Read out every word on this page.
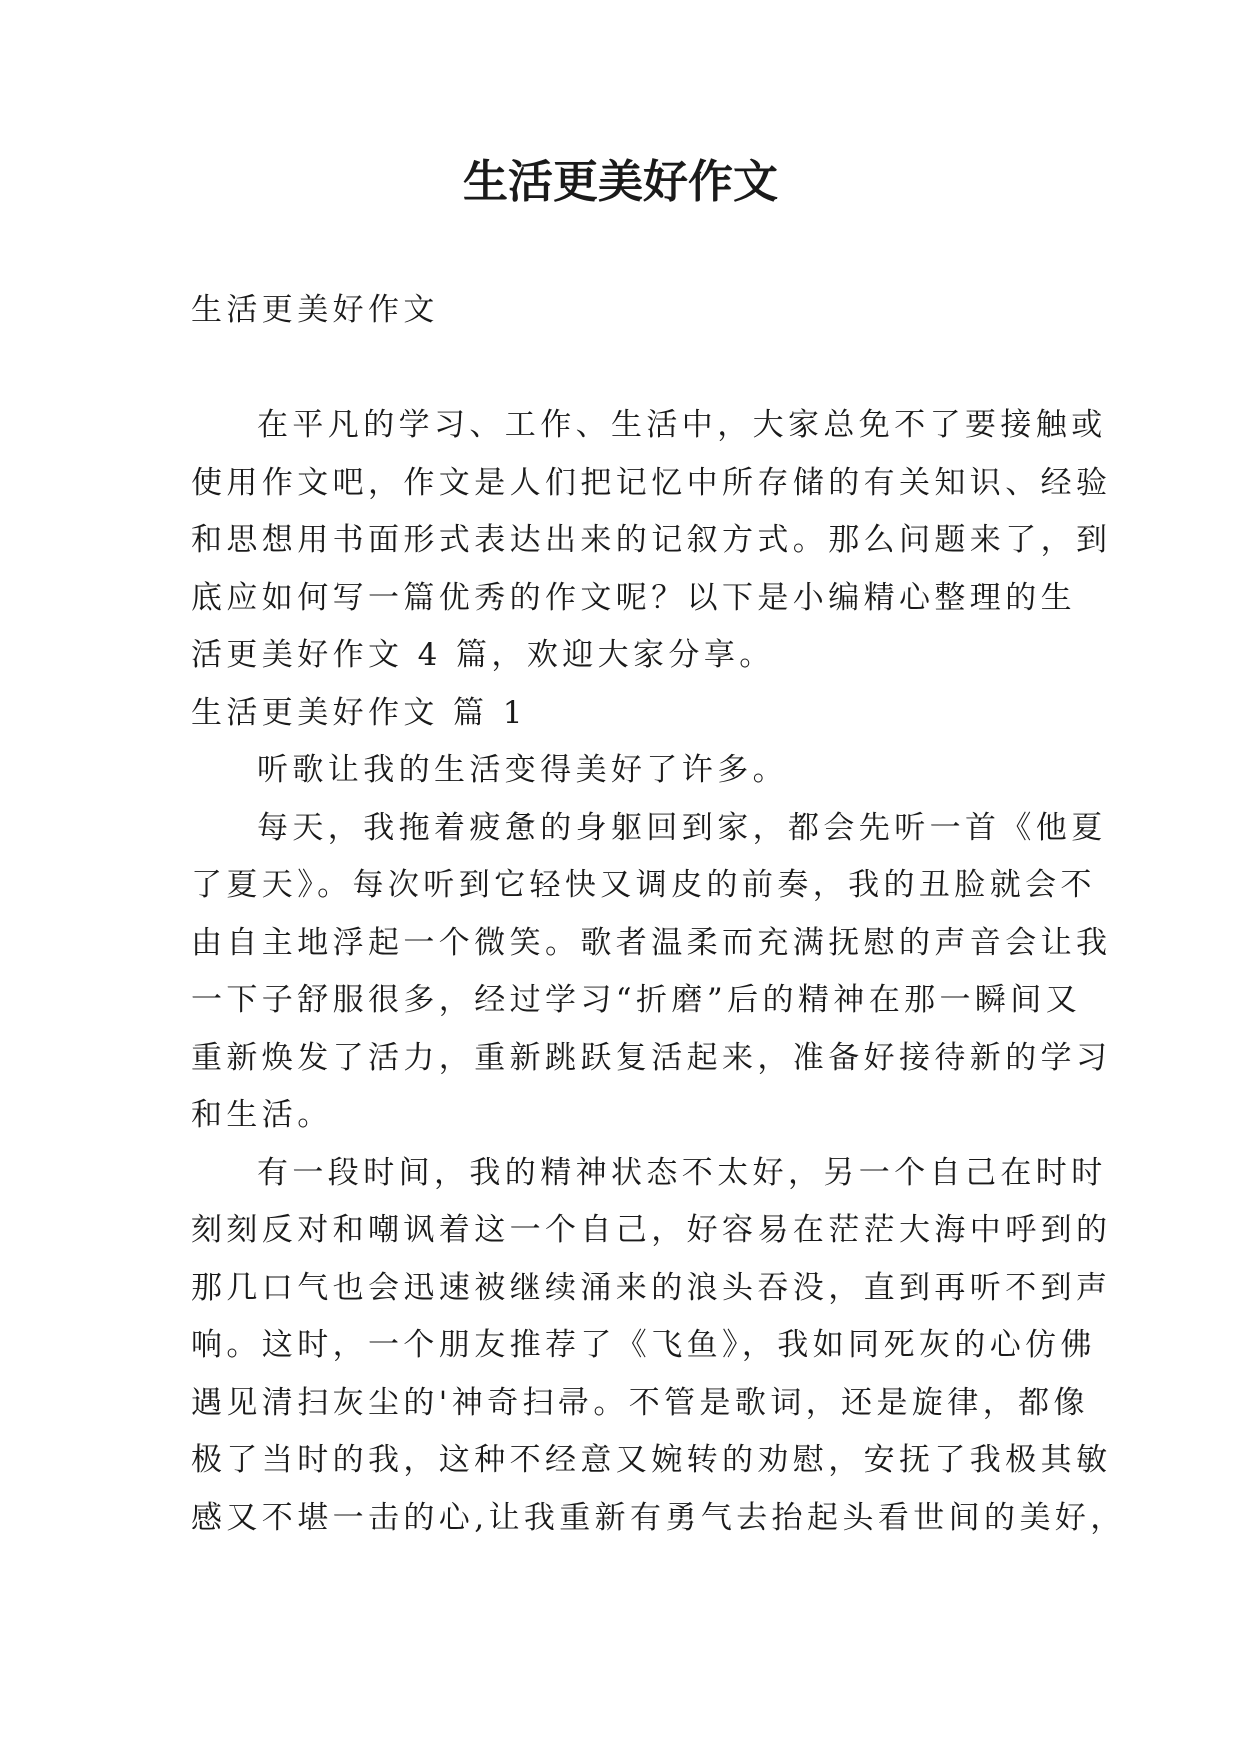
生活更美好作文

生活更美好作文

在平凡的学习、工作、生活中，大家总免不了要接触或

使用作文吧，作文是人们把记忆中所存储的有关知识、经验

和思想用书面形式表达出来的记叙方式。那么问题来了，到

底应如何写一篇优秀的作文呢？以下是小编精心整理的生

活更美好作文 4 篇，欢迎大家分享。

生活更美好作文 篇 1

听歌让我的生活变得美好了许多。

每天，我拖着疲惫的身躯回到家，都会先听一首《他夏

了夏天》。每次听到它轻快又调皮的前奏，我的丑脸就会不

由自主地浮起一个微笑。歌者温柔而充满抚慰的声音会让我

一下子舒服很多，经过学习“折磨”后的精神在那一瞬间又

重新焕发了活力，重新跳跃复活起来，准备好接待新的学习

和生活。

有一段时间，我的精神状态不太好，另一个自己在时时

刻刻反对和嘲讽着这一个自己，好容易在茫茫大海中呼到的

那几口气也会迅速被继续涌来的浪头吞没，直到再听不到声

响。这时，一个朋友推荐了《飞鱼》，我如同死灰的心仿佛

遇见清扫灰尘的'神奇扫帚。不管是歌词，还是旋律，都像

极了当时的我，这种不经意又婉转的劝慰，安抚了我极其敏

感又不堪一击的心,让我重新有勇气去抬起头看世间的美好，
